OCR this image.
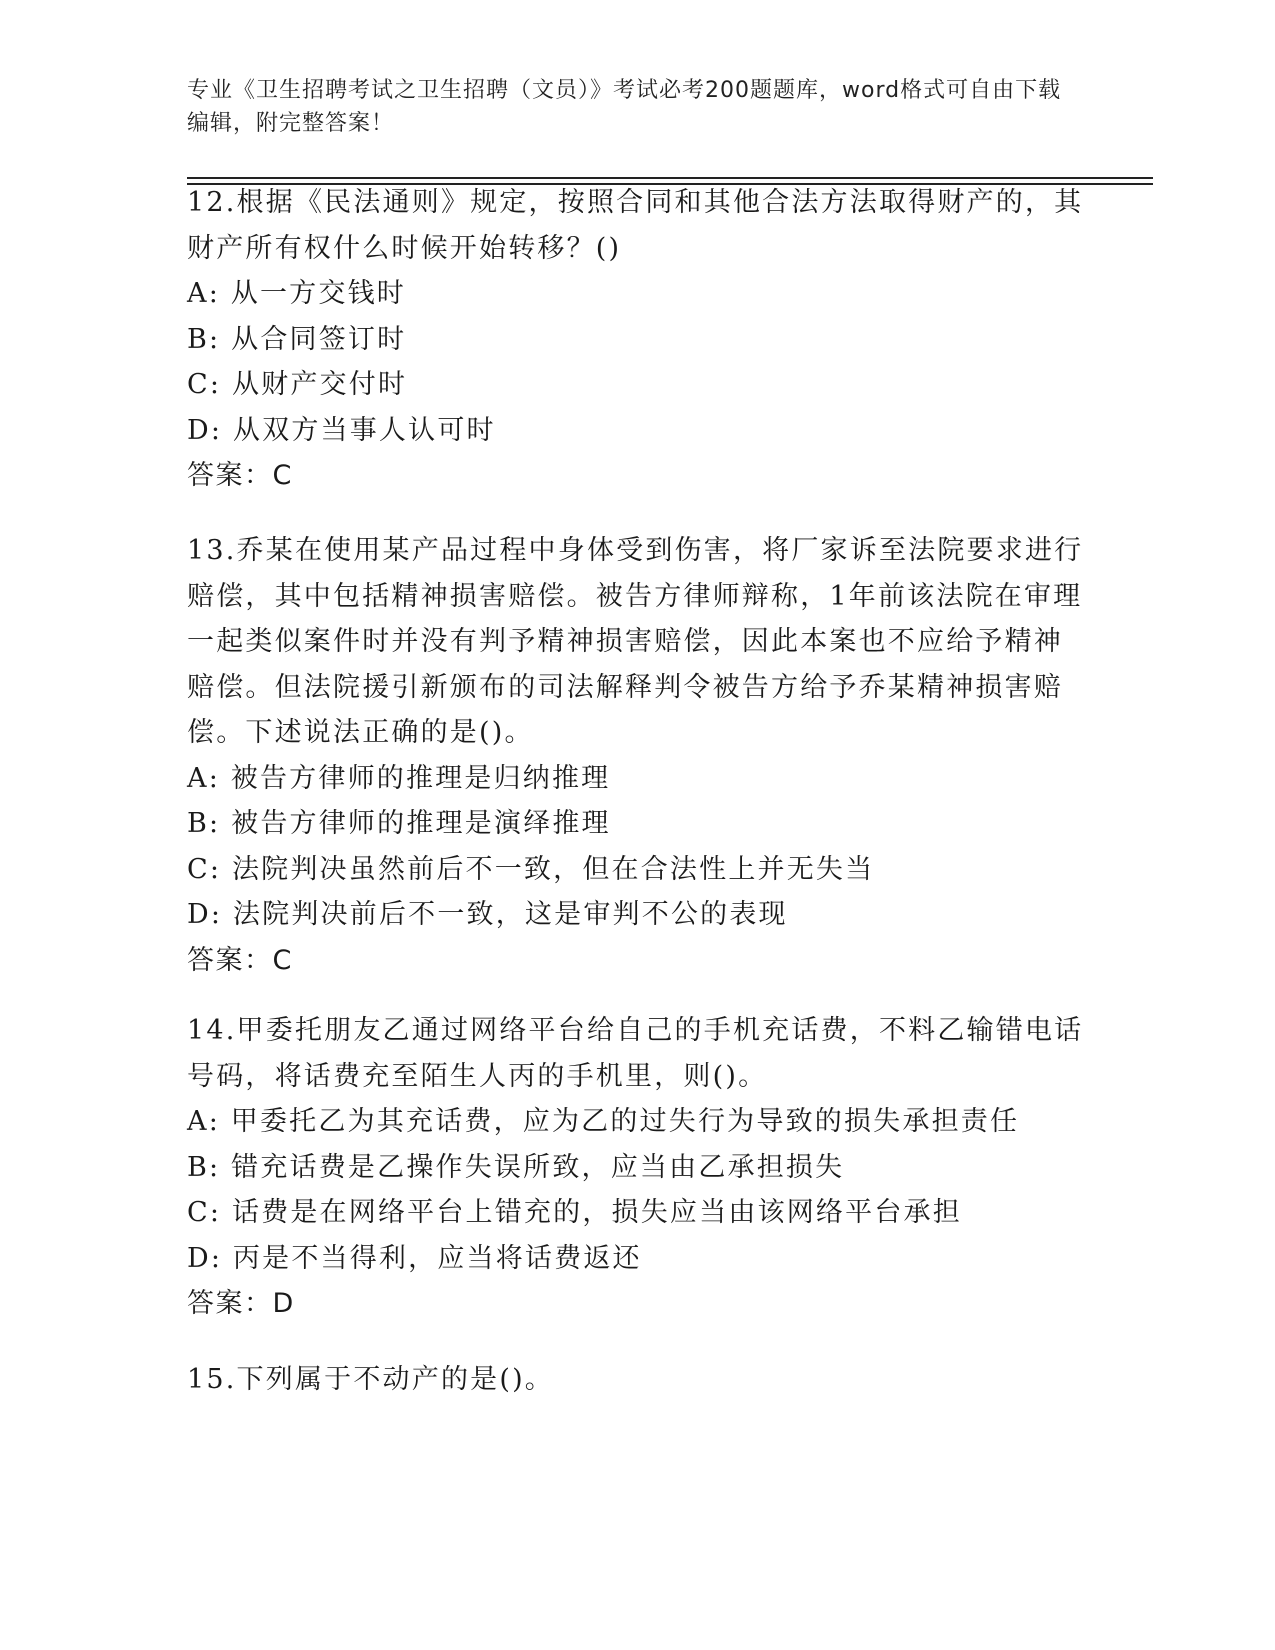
专业《卫生招聘考试之卫生招聘（文员）》考试必考200题题库，word格式可自由下载编辑，附完整答案！

12.根据《民法通则》规定，按照合同和其他合法方法取得财产的，其财产所有权什么时候开始转移？()

A: 从一方交钱时

B: 从合同签订时

C: 从财产交付时

D: 从双方当事人认可时

答案：C

13.乔某在使用某产品过程中身体受到伤害，将厂家诉至法院要求进行赔偿，其中包括精神损害赔偿。被告方律师辩称，1年前该法院在审理一起类似案件时并没有判予精神损害赔偿，因此本案也不应给予精神赔偿。但法院援引新颁布的司法解释判令被告方给予乔某精神损害赔偿。下述说法正确的是()。

A: 被告方律师的推理是归纳推理

B: 被告方律师的推理是演绎推理

C: 法院判决虽然前后不一致，但在合法性上并无失当

D: 法院判决前后不一致，这是审判不公的表现

答案：C

14.甲委托朋友乙通过网络平台给自己的手机充话费，不料乙输错电话号码，将话费充至陌生人丙的手机里，则()。

A: 甲委托乙为其充话费，应为乙的过失行为导致的损失承担责任

B: 错充话费是乙操作失误所致，应当由乙承担损失

C: 话费是在网络平台上错充的，损失应当由该网络平台承担

D: 丙是不当得利，应当将话费返还

答案：D

15.下列属于不动产的是()。
